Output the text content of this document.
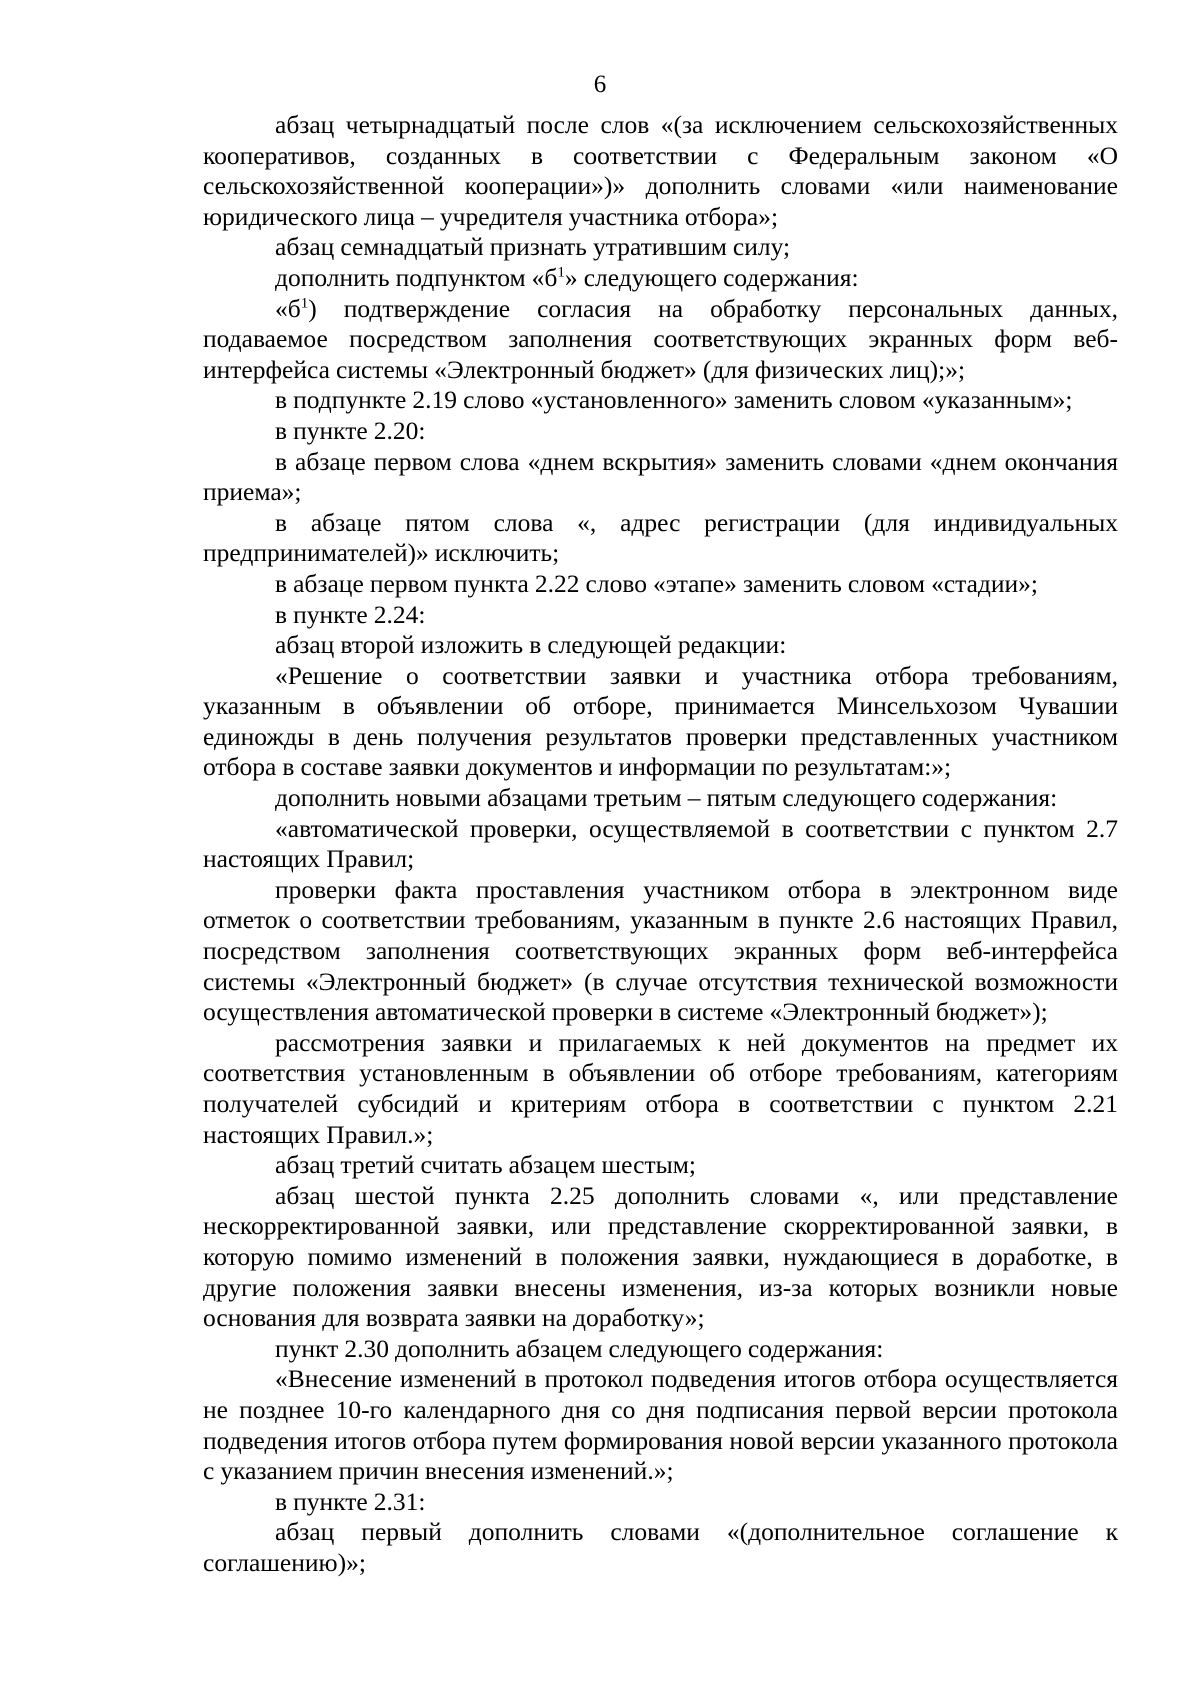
6

абзац четырнадцатый после слов «(за исключением сельскохозяйственных кооперативов, созданных в соответствии с Федеральным законом «О сельскохозяйственной кооперации»)» дополнить словами «или наименование юридического лица – учредителя участника отбора»;

абзац семнадцатый признать утратившим силу;

дополнить подпунктом «$б^1$» следующего содержания:

«$б^1$) подтверждение согласия на обработку персональных данных, подаваемое посредством заполнения соответствующих экранных форм веб-интерфейса системы «Электронный бюджет» (для физических лиц);»;

в подпункте 2.19 слово «установленного» заменить словом «указанным»;

в пункте 2.20:

в абзаце первом слова «днем вскрытия» заменить словами «днем окончания приема»;

в абзаце пятом слова «, адрес регистрации (для индивидуальных предпринимателей)» исключить;

в абзаце первом пункта 2.22 слово «этапе» заменить словом «стадии»;

в пункте 2.24:

абзац второй изложить в следующей редакции:

«Решение о соответствии заявки и участника отбора требованиям, указанным в объявлении об отборе, принимается Минсельхозом Чувашии единожды в день получения результатов проверки представленных участником отбора в составе заявки документов и информации по результатам:»;

дополнить новыми абзацами третьим – пятым следующего содержания:

«автоматической проверки, осуществляемой в соответствии с пунктом 2.7 настоящих Правил;

проверки факта проставления участником отбора в электронном виде отметок о соответствии требованиям, указанным в пункте 2.6 настоящих Правил, посредством заполнения соответствующих экранных форм веб-интерфейса системы «Электронный бюджет» (в случае отсутствия технической возможности осуществления автоматической проверки в системе «Электронный бюджет»);

рассмотрения заявки и прилагаемых к ней документов на предмет их соответствия установленным в объявлении об отборе требованиям, категориям получателей субсидий и критериям отбора в соответствии с пунктом 2.21 настоящих Правил.»;

абзац третий считать абзацем шестым;

абзац шестой пункта 2.25 дополнить словами «, или представление нескорректированной заявки, или представление скорректированной заявки, в которую помимо изменений в положения заявки, нуждающиеся в доработке, в другие положения заявки внесены изменения, из-за которых возникли новые основания для возврата заявки на доработку»;

пункт 2.30 дополнить абзацем следующего содержания:

«Внесение изменений в протокол подведения итогов отбора осуществляется не позднее 10-го календарного дня со дня подписания первой версии протокола подведения итогов отбора путем формирования новой версии указанного протокола с указанием причин внесения изменений.»;

в пункте 2.31:

абзац первый дополнить словами «(дополнительное соглашение к соглашению)»;
